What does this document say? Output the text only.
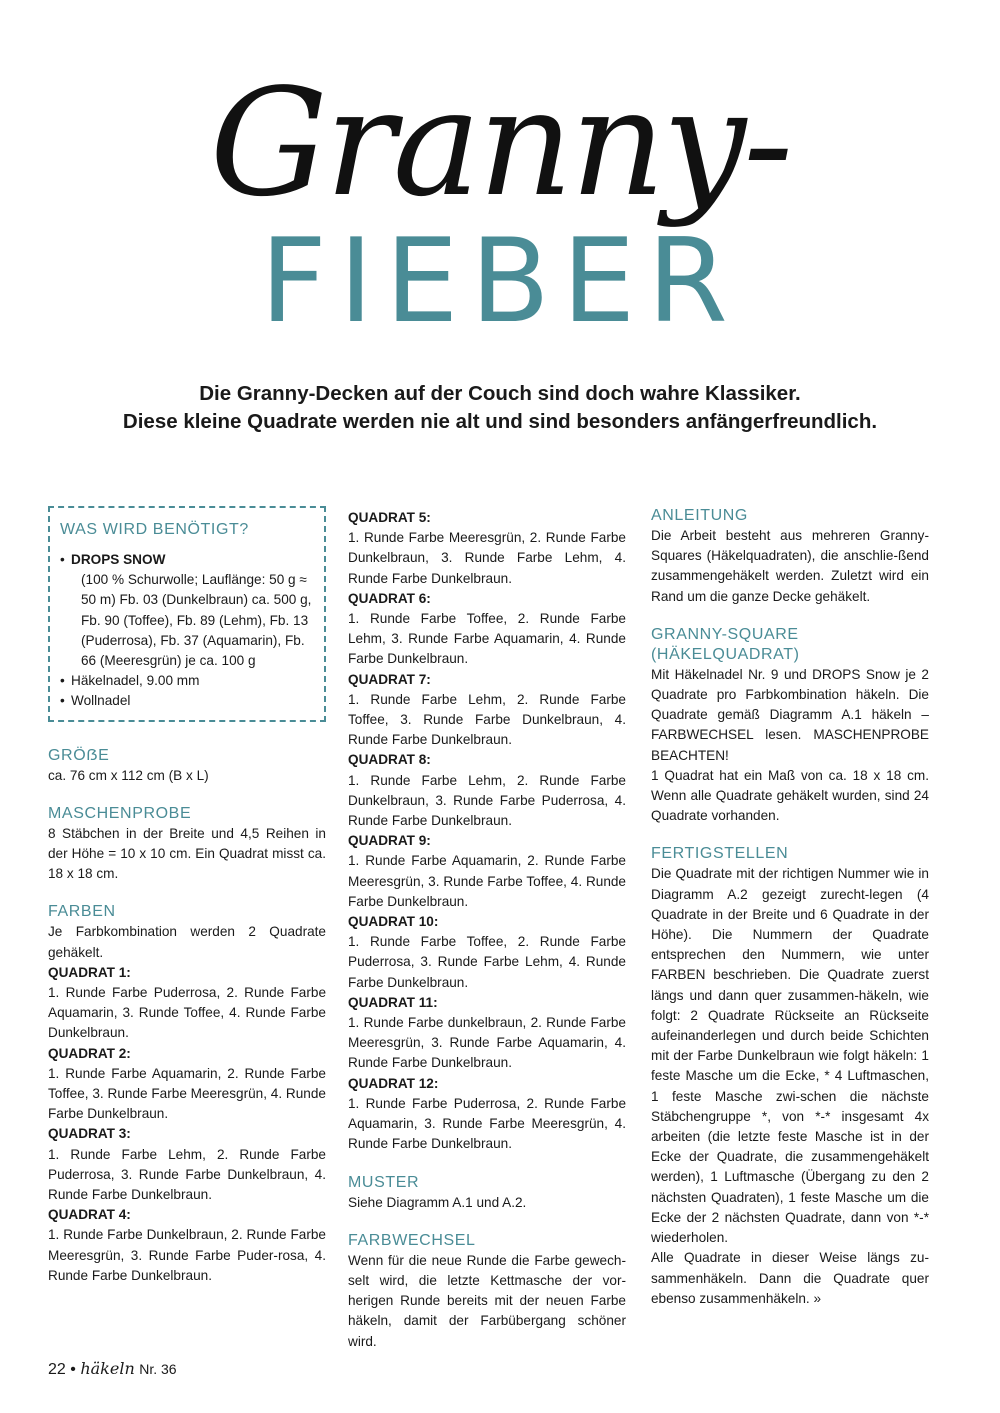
Granny-
FIEBER
Die Granny-Decken auf der Couch sind doch wahre Klassiker.
Diese kleine Quadrate werden nie alt und sind besonders anfängerfreundlich.
WAS WIRD BENÖTIGT?
• DROPS SNOW
(100 % Schurwolle; Lauflänge: 50 g ≈ 50 m) Fb. 03 (Dunkelbraun) ca. 500 g, Fb. 90 (Toffee), Fb. 89 (Lehm), Fb. 13 (Puderrosa), Fb. 37 (Aquamarin), Fb. 66 (Meeresgrün) je ca. 100 g
• Häkelnadel, 9.00 mm
• Wollnadel
GRÖẞE

ca. 76 cm x 112 cm (B x L)

MASCHENPROBE

8 Stäbchen in der Breite und 4,5 Reihen in der Höhe = 10 x 10 cm. Ein Quadrat misst ca. 18 x 18 cm.

FARBEN

Je Farbkombination werden 2 Quadrate gehäkelt.

QUADRAT 1:

1. Runde Farbe Puderrosa, 2. Runde Farbe Aquamarin, 3. Runde Toffee, 4. Runde Farbe Dunkelbraun.

QUADRAT 2:

1. Runde Farbe Aquamarin, 2. Runde Farbe Toffee, 3. Runde Farbe Meeresgrün, 4. Runde Farbe Dunkelbraun.

QUADRAT 3:

1. Runde Farbe Lehm, 2. Runde Farbe Puderrosa, 3. Runde Farbe Dunkelbraun, 4. Runde Farbe Dunkelbraun.

QUADRAT 4:

1. Runde Farbe Dunkelbraun, 2. Runde Farbe Meeresgrün, 3. Runde Farbe Puder-rosa, 4. Runde Farbe Dunkelbraun.

QUADRAT 5:

1. Runde Farbe Meeresgrün, 2. Runde Farbe Dunkelbraun, 3. Runde Farbe Lehm, 4. Runde Farbe Dunkelbraun.

QUADRAT 6:

1. Runde Farbe Toffee, 2. Runde Farbe Lehm, 3. Runde Farbe Aquamarin, 4. Runde Farbe Dunkelbraun.

QUADRAT 7:

1. Runde Farbe Lehm, 2. Runde Farbe Toffee, 3. Runde Farbe Dunkelbraun, 4. Runde Farbe Dunkelbraun.

QUADRAT 8:

1. Runde Farbe Lehm, 2. Runde Farbe Dunkelbraun, 3. Runde Farbe Puderrosa, 4. Runde Farbe Dunkelbraun.

QUADRAT 9:

1. Runde Farbe Aquamarin, 2. Runde Farbe Meeresgrün, 3. Runde Farbe Toffee, 4. Runde Farbe Dunkelbraun.

QUADRAT 10:

1. Runde Farbe Toffee, 2. Runde Farbe Puderrosa, 3. Runde Farbe Lehm, 4. Runde Farbe Dunkelbraun.

QUADRAT 11:

1. Runde Farbe dunkelbraun, 2. Runde Farbe Meeresgrün, 3. Runde Farbe Aquamarin, 4. Runde Farbe Dunkelbraun.

QUADRAT 12:

1. Runde Farbe Puderrosa, 2. Runde Farbe Aquamarin, 3. Runde Farbe Meeresgrün, 4. Runde Farbe Dunkelbraun.

MUSTER

Siehe Diagramm A.1 und A.2.

FARBWECHSEL

Wenn für die neue Runde die Farbe gewech-selt wird, die letzte Kettmasche der vor-herigen Runde bereits mit der neuen Farbe häkeln, damit der Farbübergang schöner wird.

ANLEITUNG

Die Arbeit besteht aus mehreren Granny-Squares (Häkelquadraten), die anschlie-ßend zusammengehäkelt werden. Zuletzt wird ein Rand um die ganze Decke gehäkelt.

GRANNY-SQUARE
(HÄKELQUADRAT)

Mit Häkelnadel Nr. 9 und DROPS Snow je 2 Quadrate pro Farbkombination häkeln. Die Quadrate gemäß Diagramm A.1 häkeln – FARBWECHSEL lesen. MASCHENPROBE BEACHTEN!

1 Quadrat hat ein Maß von ca. 18 x 18 cm. Wenn alle Quadrate gehäkelt wurden, sind 24 Quadrate vorhanden.

FERTIGSTELLEN

Die Quadrate mit der richtigen Nummer wie in Diagramm A.2 gezeigt zurecht-legen (4 Quadrate in der Breite und 6 Quadrate in der Höhe). Die Nummern der Quadrate entsprechen den Nummern, wie unter FARBEN beschrieben. Die Quadrate zuerst längs und dann quer zusammen-häkeln, wie folgt: 2 Quadrate Rückseite an Rückseite aufeinanderlegen und durch beide Schichten mit der Farbe Dunkelbraun wie folgt häkeln: 1 feste Masche um die Ecke, * 4 Luftmaschen, 1 feste Masche zwi-schen die nächste Stäbchengruppe *, von *-* insgesamt 4x arbeiten (die letzte feste Masche ist in der Ecke der Quadrate, die zusammengehäkelt werden), 1 Luftmasche (Übergang zu den 2 nächsten Quadraten), 1 feste Masche um die Ecke der 2 nächsten Quadrate, dann von *-* wiederholen.

Alle Quadrate in dieser Weise längs zu-sammenhäkeln. Dann die Quadrate quer ebenso zusammenhäkeln. »

22 • häkeln Nr. 36
